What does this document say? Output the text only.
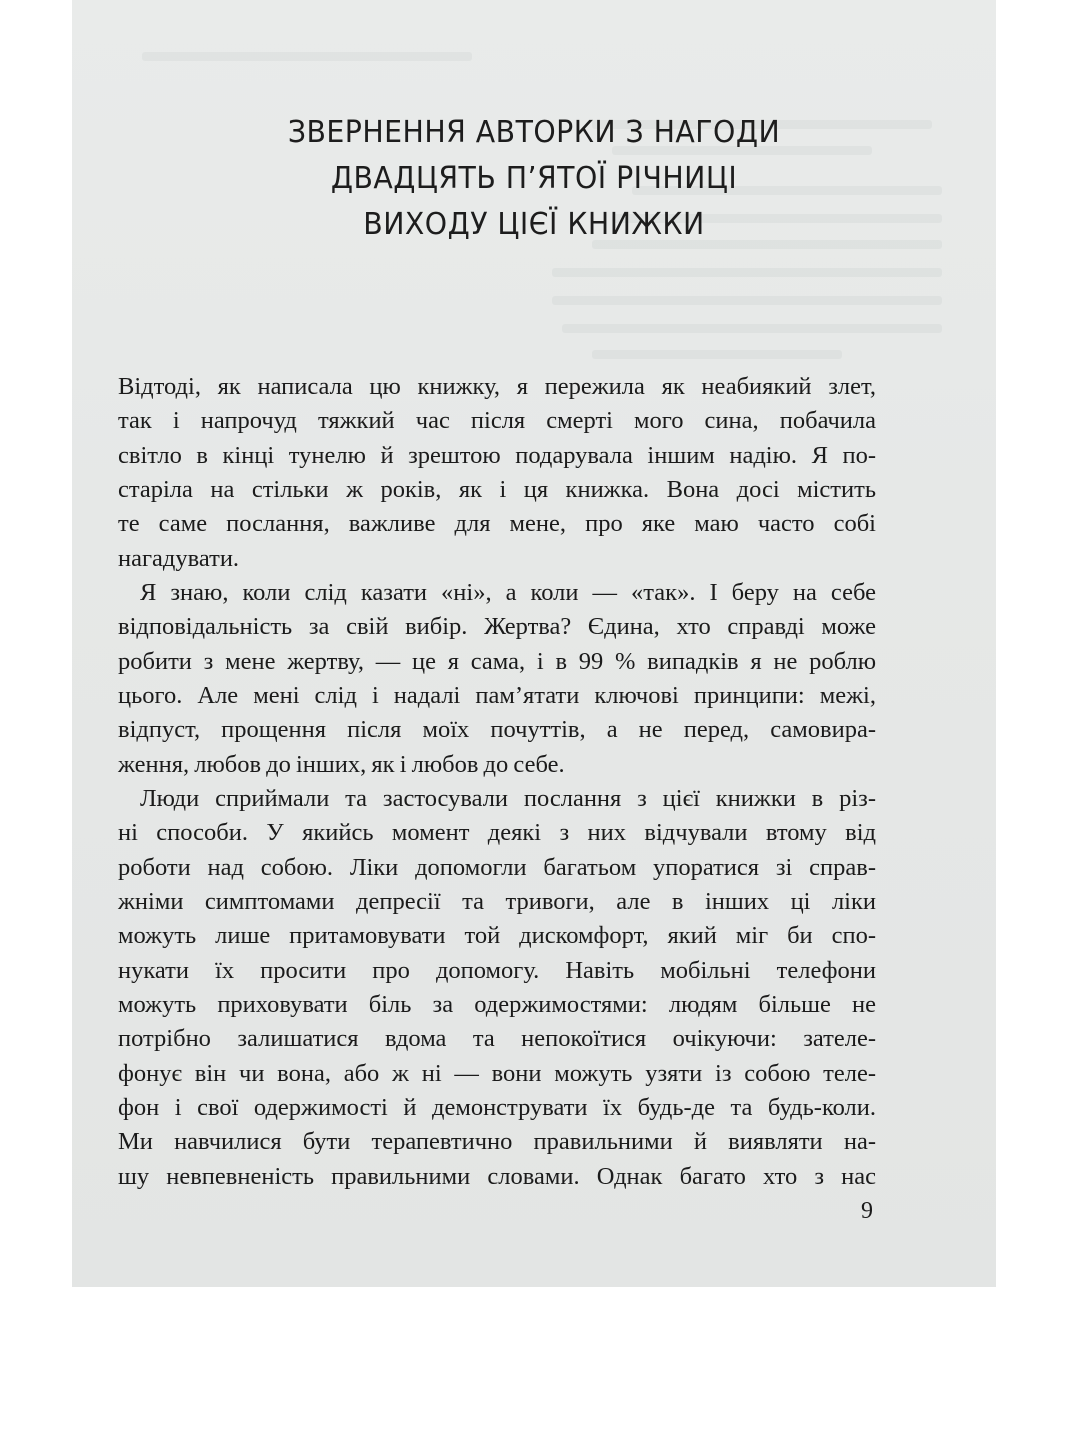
ЗВЕРНЕННЯ АВТОРКИ З НАГОДИ
ДВАДЦЯТЬ П’ЯТОЇ РІЧНИЦІ
ВИХОДУ ЦІЄЇ КНИЖКИ
Відтоді, як написала цю книжку, я пережила як неабиякий злет,
так і напрочуд тяжкий час після смерті мого сина, побачила
світло в кінці тунелю й зрештою подарувала іншим надію. Я по-
старіла на стільки ж років, як і ця книжка. Вона досі містить
те саме послання, важливе для мене, про яке маю часто собі
нагадувати.
Я знаю, коли слід казати «ні», а коли — «так». І беру на себе
відповідальність за свій вибір. Жертва? Єдина, хто справді може
робити з мене жертву, — це я сама, і в 99 % випадків я не роблю
цього. Але мені слід і надалі пам’ятати ключові принципи: межі,
відпуст, прощення після моїх почуттів, а не перед, самовира-
ження, любов до інших, як і любов до себе.
Люди сприймали та застосували послання з цієї книжки в різ-
ні способи. У якийсь момент деякі з них відчували втому від
роботи над собою. Ліки допомогли багатьом упоратися зі справ-
жніми симптомами депресії та тривоги, але в інших ці ліки
можуть лише притамовувати той дискомфорт, який міг би спо-
нукати їх просити про допомогу. Навіть мобільні телефони
можуть приховувати біль за одержимостями: людям більше не
потрібно залишатися вдома та непокоїтися очікуючи: зателе-
фонує він чи вона, або ж ні — вони можуть узяти із собою теле-
фон і свої одержимості й демонструвати їх будь-де та будь-коли.
Ми навчилися бути терапевтично правильними й виявляти на-
шу невпевненість правильними словами. Однак багато хто з нас
9
